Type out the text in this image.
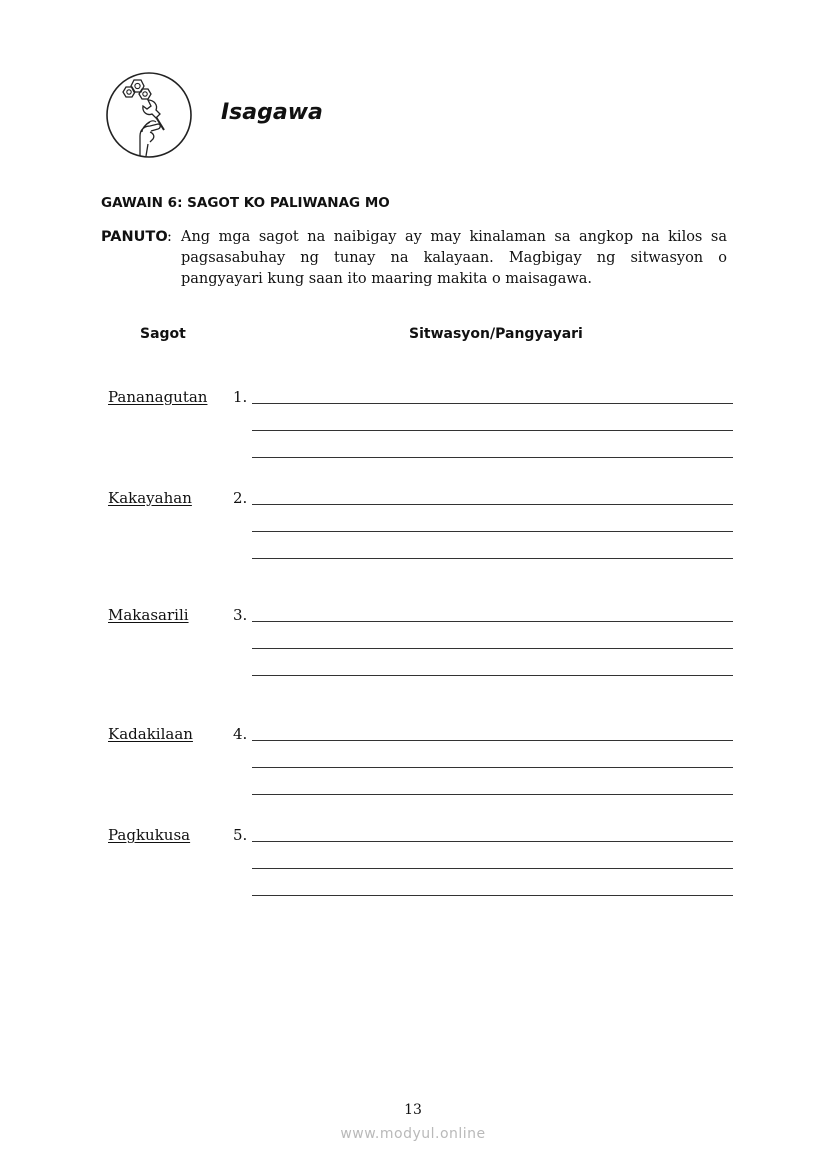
Isagawa
GAWAIN 6: SAGOT KO PALIWANAG MO
PANUTO : Ang mga sagot na naibigay ay may kinalaman sa angkop na kilos sa pagsasabuhay ng tunay na kalayaan. Magbigay ng sitwasyon o pangyayari kung saan ito maaring makita o maisagawa.
Sagot	Sitwasyon/Pangyayari
Pananagutan 1.
Kakayahan	2.
Makasarili	3.
Kadakilaan	4.
Pagkukusa	5.
13
www.modyul.online
